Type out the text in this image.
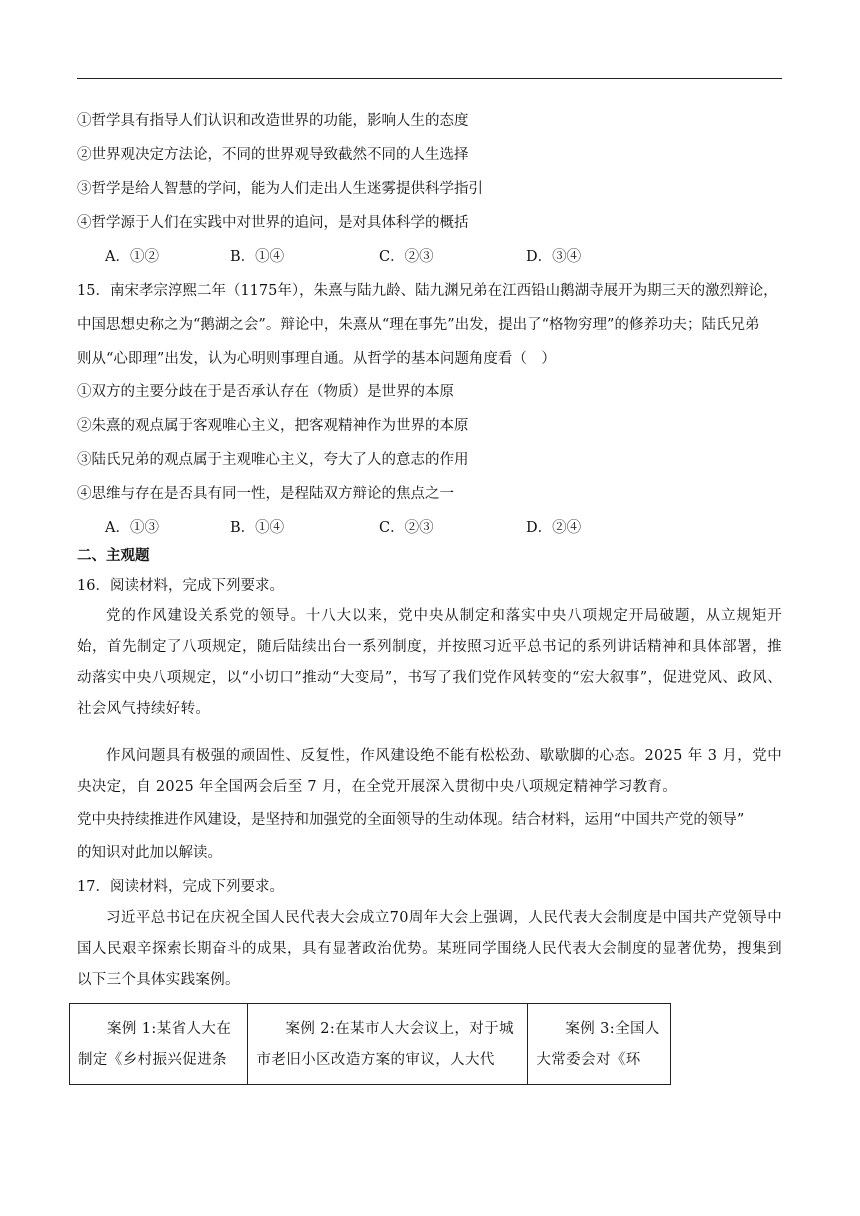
①哲学具有指导人们认识和改造世界的功能，影响人生的态度
②世界观决定方法论，不同的世界观导致截然不同的人生选择
③哲学是给人智慧的学问，能为人们走出人生迷雾提供科学指引
④哲学源于人们在实践中对世界的追问，是对具体科学的概括
A．①②	B．①④	C．②③	D．③④
15．南宋孝宗淳熙二年（1175年），朱熹与陆九龄、陆九渊兄弟在江西铅山鹅湖寺展开为期三天的激烈辩论，
中国思想史称之为“鹅湖之会”。辩论中，朱熹从“理在事先”出发，提出了“格物穷理”的修养功夫；陆氏兄弟
则从“心即理”出发，认为心明则事理自通。从哲学的基本问题角度看（　）
①双方的主要分歧在于是否承认存在（物质）是世界的本原
②朱熹的观点属于客观唯心主义，把客观精神作为世界的本原
③陆氏兄弟的观点属于主观唯心主义，夸大了人的意志的作用
④思维与存在是否具有同一性，是程陆双方辩论的焦点之一
A．①③	B．①④	C．②③	D．②④
二、主观题
16．阅读材料，完成下列要求。
党的作风建设关系党的领导。十八大以来，党中央从制定和落实中央八项规定开局破题，从立规矩开始，首先制定了八项规定，随后陆续出台一系列制度，并按照习近平总书记的系列讲话精神和具体部署，推动落实中央八项规定，以“小切口”推动“大变局”，书写了我们党作风转变的“宏大叙事”，促进党风、政风、社会风气持续好转。
作风问题具有极强的顽固性、反复性，作风建设绝不能有松松劲、歇歇脚的心态。2025 年 3 月，党中央决定，自 2025 年全国两会后至 7 月，在全党开展深入贯彻中央八项规定精神学习教育。
党中央持续推进作风建设，是坚持和加强党的全面领导的生动体现。结合材料，运用“中国共产党的领导”
的知识对此加以解读。
17．阅读材料，完成下列要求。
习近平总书记在庆祝全国人民代表大会成立70周年大会上强调，人民代表大会制度是中国共产党领导中国人民艰辛探索长期奋斗的成果，具有显著政治优势。某班同学围绕人民代表大会制度的显著优势，搜集到以下三个具体实践案例。
案例 1:某省人大在制定《乡村振兴促进条	案例 2:在某市人大会议上，对于城市老旧小区改造方案的审议，人大代	案例 3:全国人大常委会对《环
